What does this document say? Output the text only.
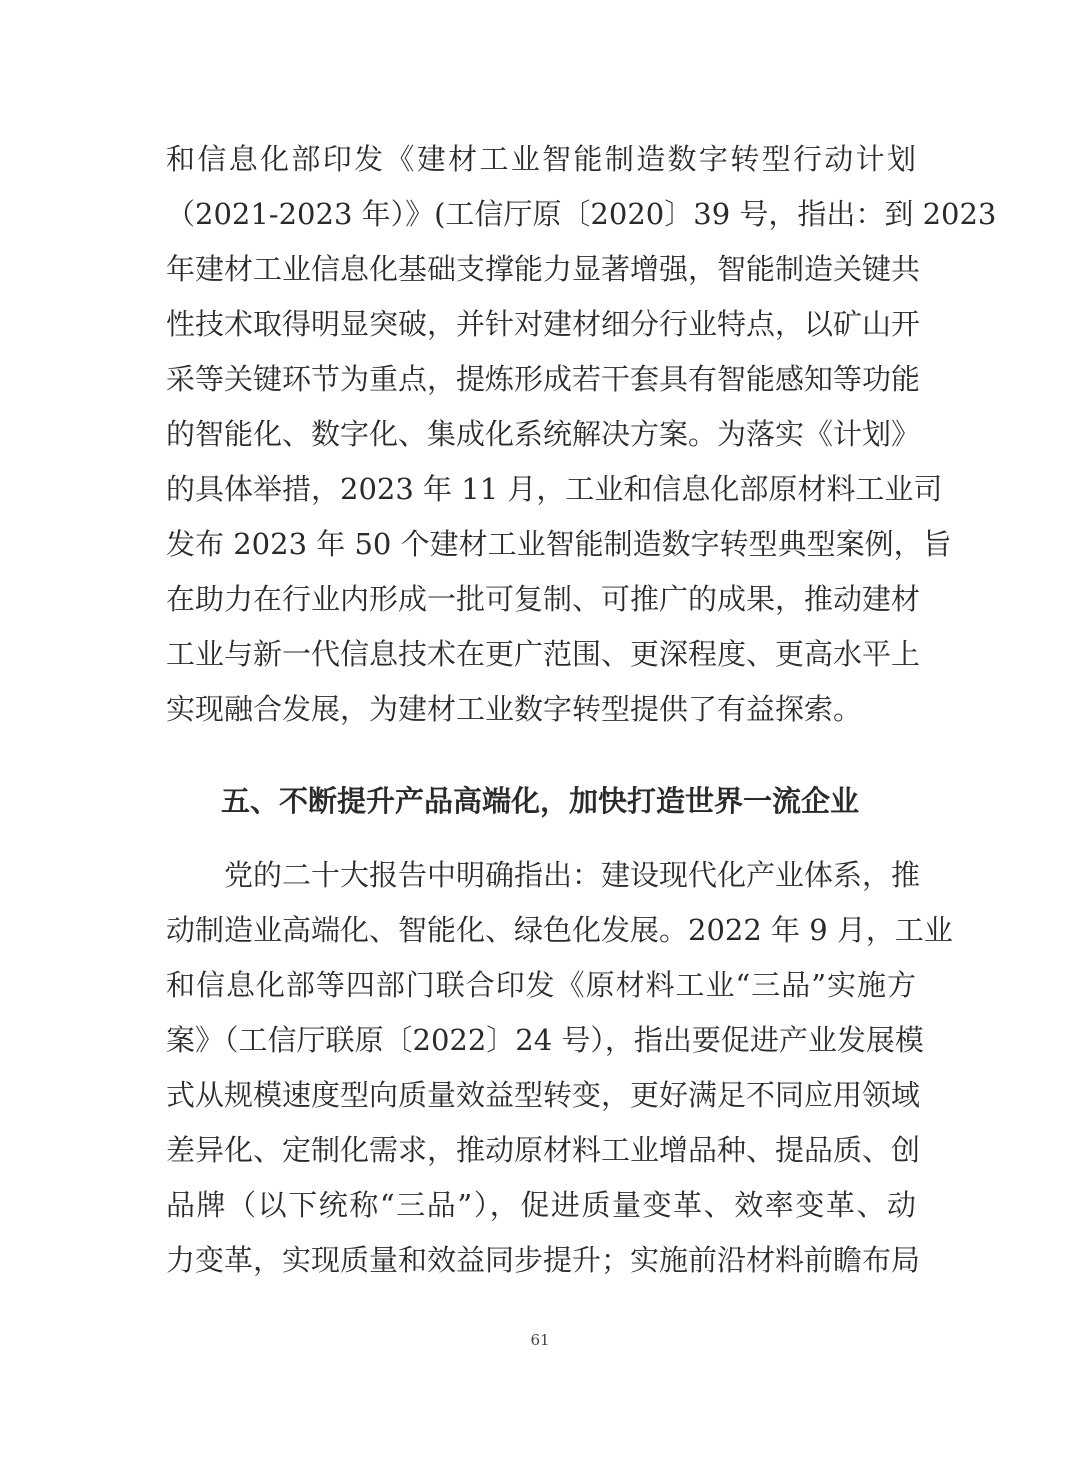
和信息化部印发《建材工业智能制造数字转型行动计划
（2021-2023 年）》(工信厅原〔2020〕39 号，指出：到 2023
年建材工业信息化基础支撑能力显著增强，智能制造关键共
性技术取得明显突破，并针对建材细分行业特点，以矿山开
采等关键环节为重点，提炼形成若干套具有智能感知等功能
的智能化、数字化、集成化系统解决方案。为落实《计划》
的具体举措，2023 年 11 月，工业和信息化部原材料工业司
发布 2023 年 50 个建材工业智能制造数字转型典型案例，旨
在助力在行业内形成一批可复制、可推广的成果，推动建材
工业与新一代信息技术在更广范围、更深程度、更高水平上
实现融合发展，为建材工业数字转型提供了有益探索。
五、不断提升产品高端化，加快打造世界一流企业
　　党的二十大报告中明确指出：建设现代化产业体系，推
动制造业高端化、智能化、绿色化发展。2022 年 9 月，工业
和信息化部等四部门联合印发《原材料工业“三品”实施方
案》（工信厅联原〔2022〕24 号），指出要促进产业发展模
式从规模速度型向质量效益型转变，更好满足不同应用领域
差异化、定制化需求，推动原材料工业增品种、提品质、创
品牌（以下统称“三品”），促进质量变革、效率变革、动
力变革，实现质量和效益同步提升；实施前沿材料前瞻布局
61
